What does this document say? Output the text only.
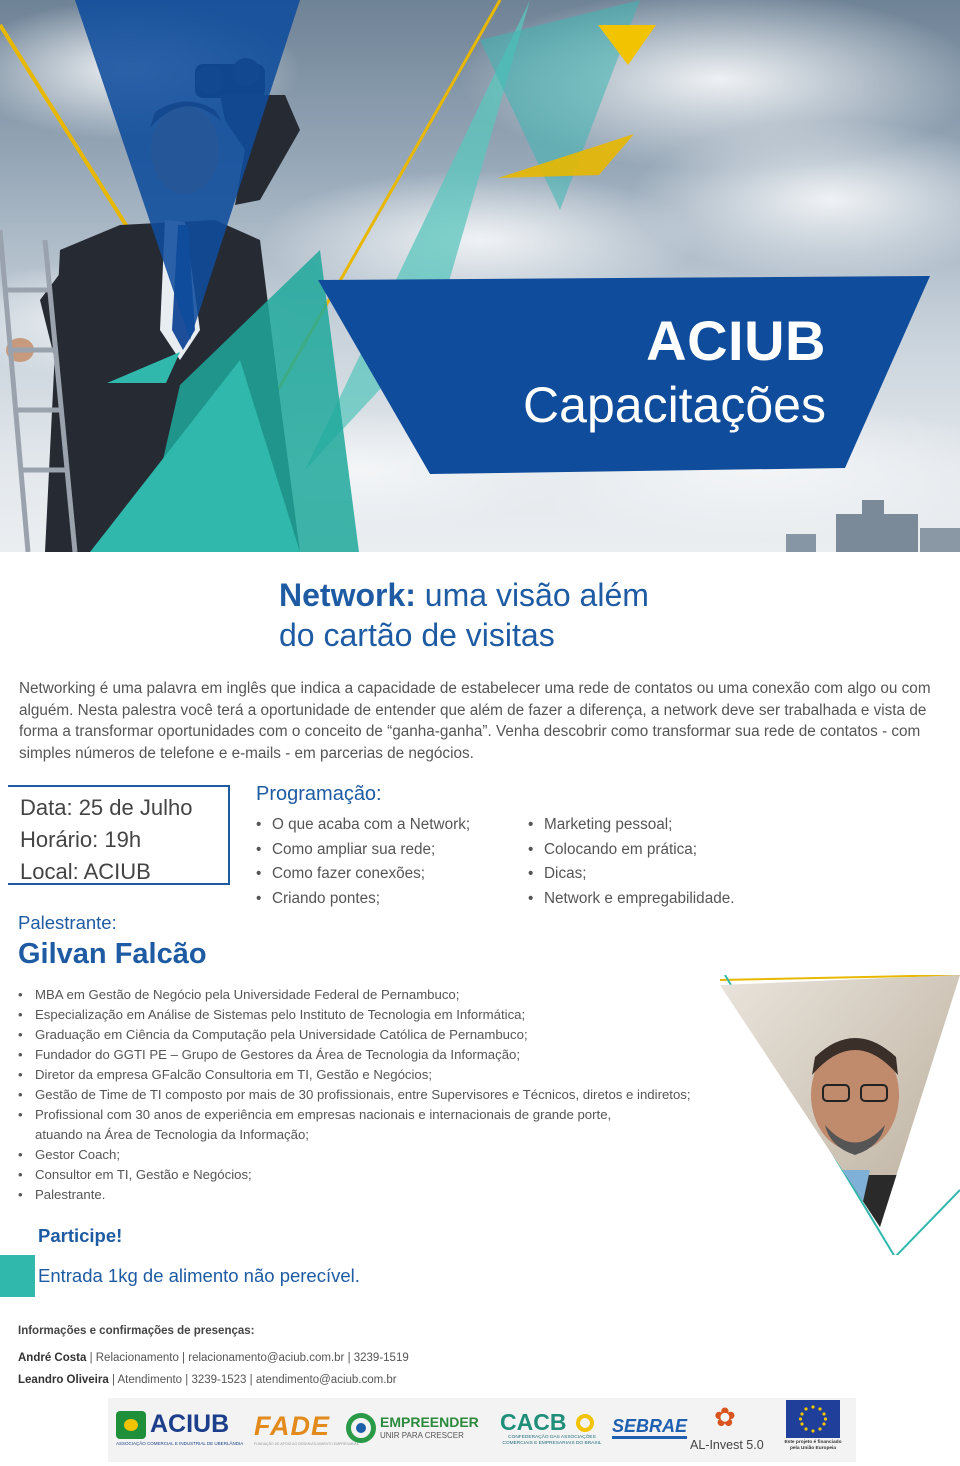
ACIUB
Capacitações
Network: uma visão além
do cartão de visitas

Networking é uma palavra em inglês que indica a capacidade de estabelecer uma rede de contatos ou uma conexão com algo ou com alguém. Nesta palestra você terá a oportunidade de entender que além de fazer a diferença, a network deve ser trabalhada e vista de forma a transformar oportunidades com o conceito de “ganha-ganha”. Venha descobrir como transformar sua rede de contatos - com simples números de telefone e e-mails - em parcerias de negócios.

Data: 25 de Julho
Horário: 19h
Local: ACIUB
Programação:
• O que acaba com a Network;
• Como ampliar sua rede;
• Como fazer conexões;
• Criando pontes;
• Marketing pessoal;
• Colocando em prática;
• Dicas;
• Network e empregabilidade.
Palestrante:
Gilvan Falcão
• MBA em Gestão de Negócio pela Universidade Federal de Pernambuco;
• Especialização em Análise de Sistemas pelo Instituto de Tecnologia em Informática;
• Graduação em Ciência da Computação pela Universidade Católica de Pernambuco;
• Fundador do GGTI PE – Grupo de Gestores da Área de Tecnologia da Informação;
• Diretor da empresa GFalcão Consultoria em TI, Gestão e Negócios;
• Gestão de Time de TI composto por mais de 30 profissionais, entre Supervisores e Técnicos, diretos e indiretos;
• Profissional com 30 anos de experiência em empresas nacionais e internacionais de grande porte,
atuando na Área de Tecnologia da Informação;
• Gestor Coach;
• Consultor em TI, Gestão e Negócios;
• Palestrante.
Participe!
Entrada 1kg de alimento não perecível.
Informações e confirmações de presenças:
André Costa | Relacionamento | relacionamento@aciub.com.br | 3239-1519
Leandro Oliveira | Atendimento | 3239-1523 | atendimento@aciub.com.br
ACIUB
ASSOCIAÇÃO COMERCIAL E INDUSTRIAL DE UBERLÂNDIA
FADE
FUNDAÇÃO DE APOIO AO DESENVOLVIMENTO EMPRESARIAL
EMPREENDER
UNIR PARA CRESCER
CACB
CONFEDERAÇÃO DAS ASSOCIAÇÕES COMERCIAIS E EMPRESARIAIS DO BRASIL
SEBRAE ✿
AL-Invest 5.0	Este projeto é financiado pela União Europeia
